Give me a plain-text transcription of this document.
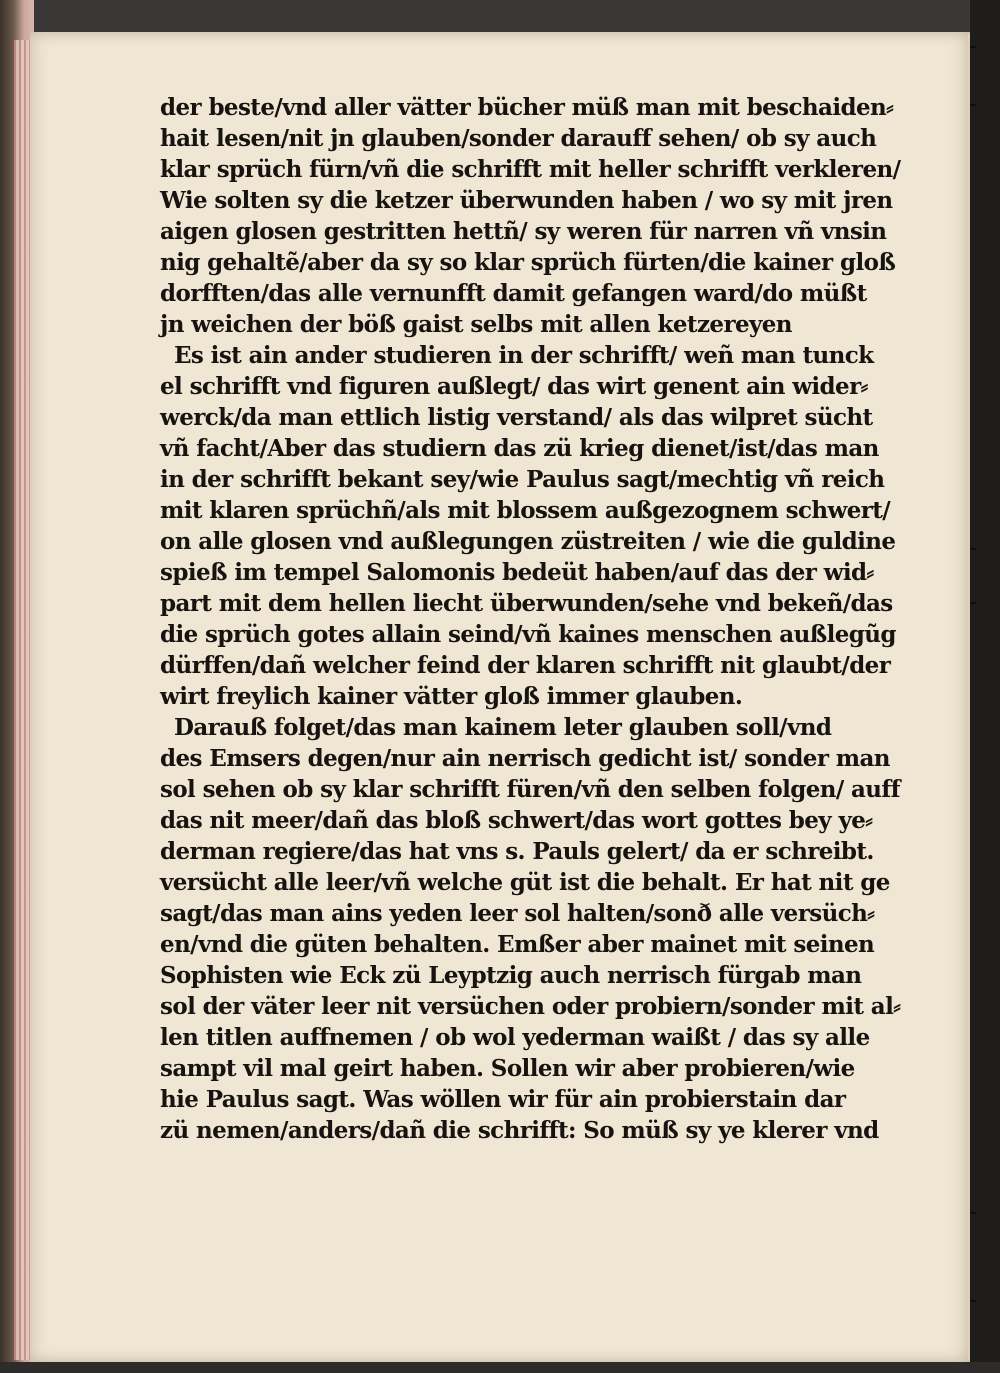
der beste/vnd aller vätter bücher müß man mit beschaiden⸗
hait lesen/nit jn glauben/sonder darauff sehen/ ob sy auch
klar sprüch fürn/vñ die schrifft mit heller schrifft verkleren/
Wie solten sy die ketzer überwunden haben / wo sy mit jren
aigen glosen gestritten hettñ/ sy weren für narren vñ vnsin
nig gehaltẽ/aber da sy so klar sprüch fürten/die kainer gloß
dorfften/das alle vernunfft damit gefangen ward/do müßt
jn weichen der böß gaist selbs mit allen ketzereyen
Es ist ain ander studieren in der schrifft/ weñ man tunck
el schrifft vnd figuren außlegt/ das wirt genent ain wider⸗
werck/da man ettlich listig verstand/ als das wilpret sücht
vñ facht/Aber das studiern das zü krieg dienet/ist/das man
in der schrifft bekant sey/wie Paulus sagt/mechtig vñ reich
mit klaren sprüchñ/als mit blossem außgezognem schwert/
on alle glosen vnd außlegungen züstreiten / wie die guldine
spieß im tempel Salomonis bedeüt haben/auf das der wid⸗
part mit dem hellen liecht überwunden/sehe vnd bekeñ/das
die sprüch gotes allain seind/vñ kaines menschen außlegũg
dürffen/dañ welcher feind der klaren schrifft nit glaubt/der
wirt freylich kainer vätter gloß immer glauben.
Darauß folget/das man kainem leter glauben soll/vnd
des Emsers degen/nur ain nerrisch gedicht ist/ sonder man
sol sehen ob sy klar schrifft füren/vñ den selben folgen/ auff
das nit meer/dañ das bloß schwert/das wort gottes bey ye⸗
derman regiere/das hat vns s. Pauls gelert/ da er schreibt.
versücht alle leer/vñ welche güt ist die behalt. Er hat nit ge
sagt/das man ains yeden leer sol halten/sonð alle versüch⸗
en/vnd die güten behalten. Emßer aber mainet mit seinen
Sophisten wie Eck zü Leyptzig auch nerrisch fürgab man
sol der väter leer nit versüchen oder probiern/sonder mit al⸗
len titlen auffnemen / ob wol yederman waißt / das sy alle
sampt vil mal geirt haben. Sollen wir aber probieren/wie
hie Paulus sagt. Was wöllen wir für ain probierstain dar
zü nemen/anders/dañ die schrifft: So müß sy ye klerer vnd
